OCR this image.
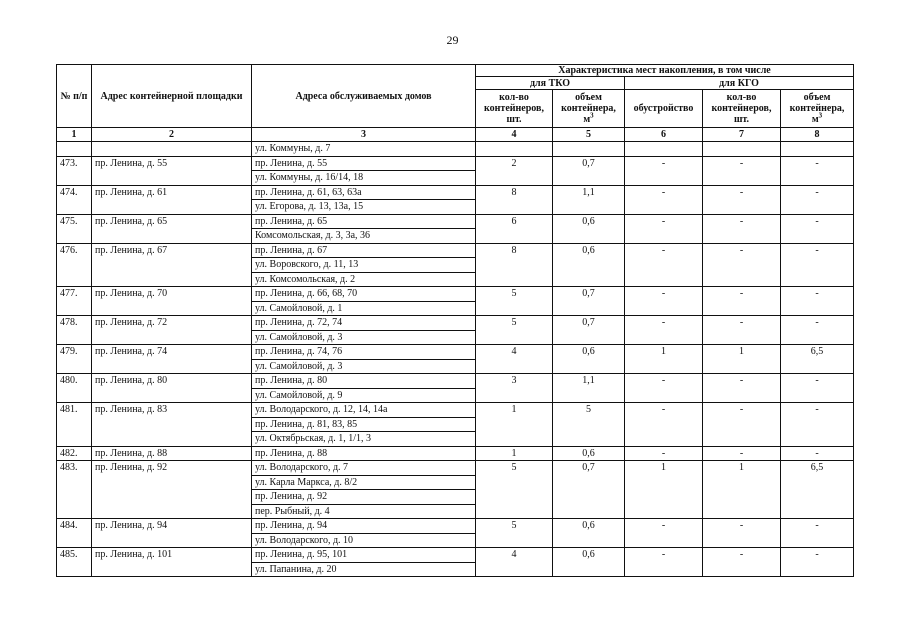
29
№ п/п	Адрес контейнерной площадки	Адреса обслуживаемых домов	Характеристика мест накопления, в том числе				
			для ТКО		для КГО		
			кол-во контейнеров, шт.	объем контейнера, $м^3$	обустройство	кол-во контейнеров, шт.	объем контейнера, $м^3$
1	2	3	4	5	6	7	8
		ул. Коммуны, д. 7					
473.	пр. Ленина, д. 55	пр. Ленина, д. 55	2	0,7	-	-	-
		ул. Коммуны, д. 16/14, 18					
474.	пр. Ленина, д. 61	пр. Ленина, д. 61, 63, 63а	8	1,1	-	-	-
		ул. Егорова, д. 13, 13а, 15					
475.	пр. Ленина, д. 65	пр. Ленина, д. 65	6	0,6	-	-	-
		Комсомольская, д. 3, 3а, 36					
476.	пр. Ленина, д. 67	пр. Ленина, д. 67	8	0,6	-	-	-
		ул. Воровского, д. 11, 13					
		ул. Комсомольская, д. 2					
477.	пр. Ленина, д. 70	пр. Ленина, д. 66, 68, 70	5	0,7	-	-	-
		ул. Самойловой, д. 1					
478.	пр. Ленина, д. 72	пр. Ленина, д. 72, 74	5	0,7	-	-	-
		ул. Самойловой, д. 3					
479.	пр. Ленина, д. 74	пр. Ленина, д. 74, 76	4	0,6	1	1	6,5
		ул. Самойловой, д. 3					
480.	пр. Ленина, д. 80	пр. Ленина, д. 80	3	1,1	-	-	-
		ул. Самойловой, д. 9					
481.	пр. Ленина, д. 83	ул. Володарского, д. 12, 14, 14а	1	5	-	-	-
		пр. Ленина, д. 81, 83, 85					
		ул. Октябрьская, д. 1, 1/1, 3					
482.	пр. Ленина, д. 88	пр. Ленина, д. 88	1	0,6	-	-	-
483.	пр. Ленина, д. 92	ул. Володарского, д. 7	5	0,7	1	1	6,5
		ул. Карла Маркса, д. 8/2					
		пр. Ленина, д. 92					
		пер. Рыбный, д. 4					
484.	пр. Ленина, д. 94	пр. Ленина, д. 94	5	0,6	-	-	-
		ул. Володарского, д. 10					
485.	пр. Ленина, д. 101	пр. Ленина, д. 95, 101	4	0,6	-	-	-
		ул. Папанина, д. 20					
